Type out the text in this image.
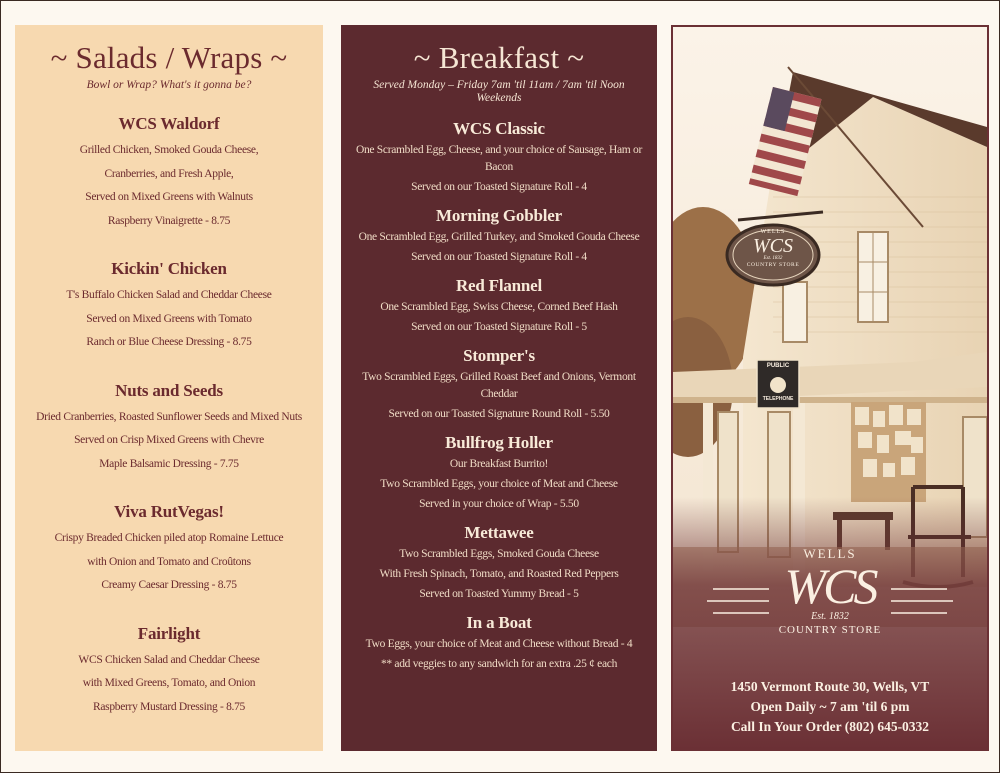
~ Salads / Wraps ~
Bowl or Wrap? What's it gonna be?
WCS Waldorf
Grilled Chicken, Smoked Gouda Cheese,
Cranberries, and Fresh Apple,
Served on Mixed Greens with Walnuts
Raspberry Vinaigrette - 8.75
Kickin' Chicken
T's Buffalo Chicken Salad and Cheddar Cheese
Served on Mixed Greens with Tomato
Ranch or Blue Cheese Dressing - 8.75
Nuts and Seeds
Dried Cranberries, Roasted Sunflower Seeds and Mixed Nuts
Served on Crisp Mixed Greens with Chevre
Maple Balsamic Dressing - 7.75
Viva RutVegas!
Crispy Breaded Chicken piled atop Romaine Lettuce
with Onion and Tomato and Croûtons
Creamy Caesar Dressing - 8.75
Fairlight
WCS Chicken Salad and Cheddar Cheese
with Mixed Greens, Tomato, and Onion
Raspberry Mustard Dressing - 8.75
~ Breakfast ~
Served Monday – Friday 7am 'til 11am / 7am 'til Noon Weekends
WCS Classic
One Scrambled Egg, Cheese, and your choice of Sausage, Ham or Bacon
Served on our Toasted Signature Roll - 4
Morning Gobbler
One Scrambled Egg, Grilled Turkey, and Smoked Gouda Cheese
Served on our Toasted Signature Roll - 4
Red Flannel
One Scrambled Egg, Swiss Cheese, Corned Beef Hash
Served on our Toasted Signature Roll - 5
Stomper's
Two Scrambled Eggs, Grilled Roast Beef and Onions, Vermont Cheddar
Served on our Toasted Signature Round Roll - 5.50
Bullfrog Holler
Our Breakfast Burrito!
Two Scrambled Eggs, your choice of Meat and Cheese
Served in your choice of Wrap - 5.50
Mettawee
Two Scrambled Eggs, Smoked Gouda Cheese
With Fresh Spinach, Tomato, and Roasted Red Peppers
Served on Toasted Yummy Bread - 5
In a Boat
Two Eggs, your choice of Meat and Cheese without Bread - 4
** add veggies to any sandwich for an extra .25 ¢ each
WELLS
WCS
Est. 1832
COUNTRY STORE
PUBLIC
TELEPHONE
WELLS
WCS
Est. 1832
COUNTRY STORE
1450 Vermont Route 30, Wells, VT
Open Daily ~ 7 am 'til 6 pm
Call In Your Order (802) 645-0332
